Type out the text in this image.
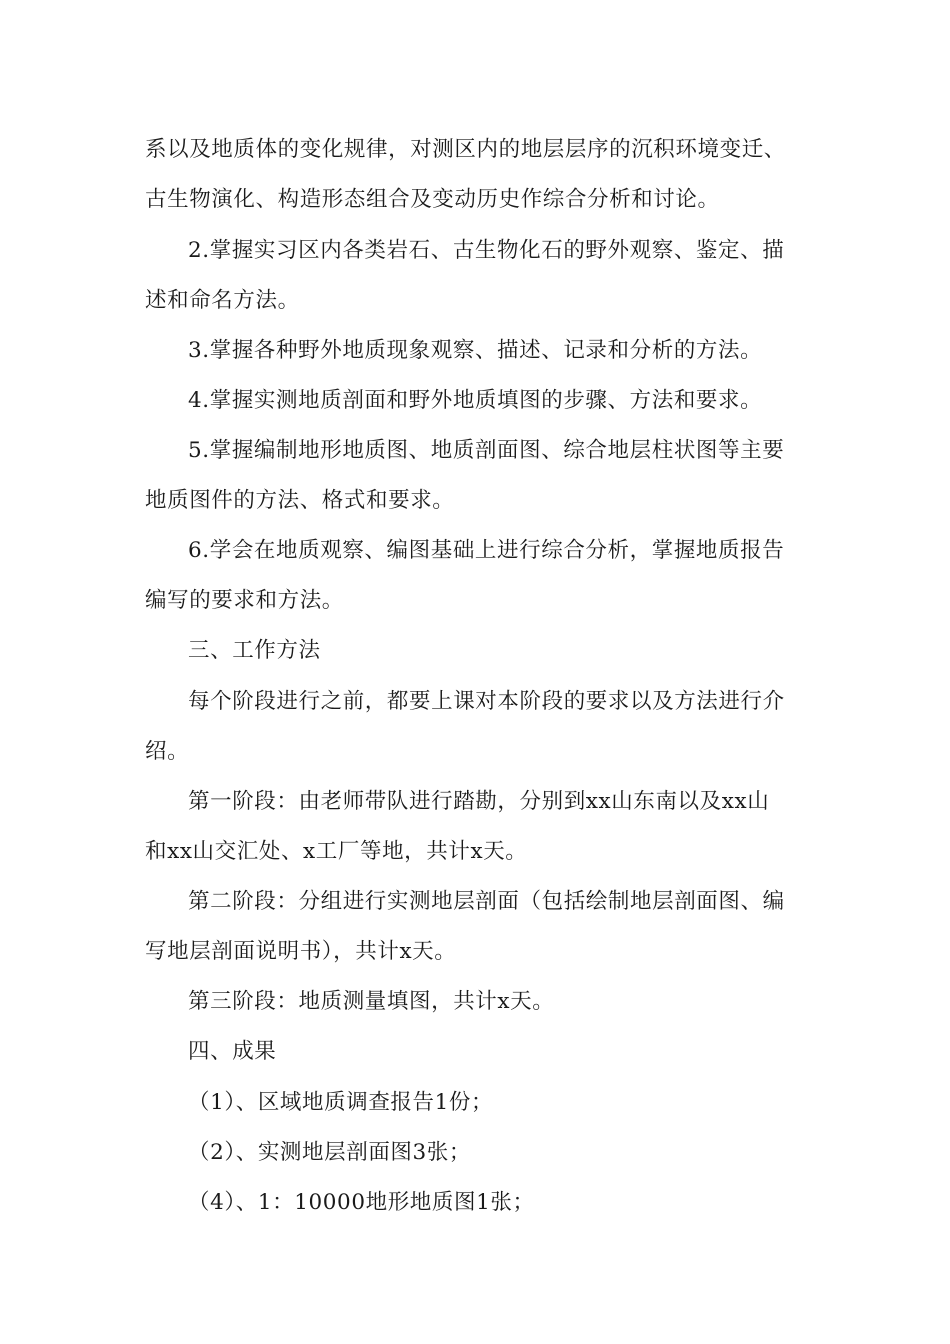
系以及地质体的变化规律，对测区内的地层层序的沉积环境变迁、
古生物演化、构造形态组合及变动历史作综合分析和讨论。
2.掌握实习区内各类岩石、古生物化石的野外观察、鉴定、描
述和命名方法。
3.掌握各种野外地质现象观察、描述、记录和分析的方法。
4.掌握实测地质剖面和野外地质填图的步骤、方法和要求。
5.掌握编制地形地质图、地质剖面图、综合地层柱状图等主要
地质图件的方法、格式和要求。
6.学会在地质观察、编图基础上进行综合分析，掌握地质报告
编写的要求和方法。
三、工作方法
每个阶段进行之前，都要上课对本阶段的要求以及方法进行介
绍。
第一阶段：由老师带队进行踏勘，分别到xx山东南以及xx山
和xx山交汇处、x工厂等地，共计x天。
第二阶段：分组进行实测地层剖面（包括绘制地层剖面图、编
写地层剖面说明书），共计x天。
第三阶段：地质测量填图，共计x天。
四、成果
（1）、区域地质调查报告1份；
（2）、实测地层剖面图3张；
（4）、1：10000地形地质图1张；
